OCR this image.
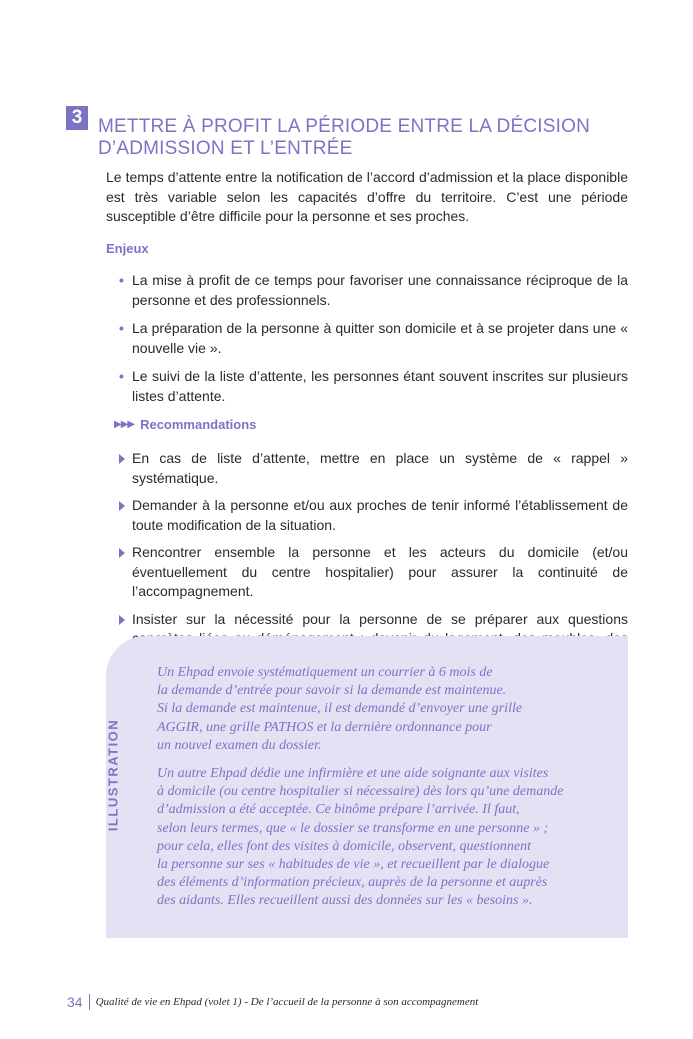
3 METTRE À PROFIT LA PÉRIODE ENTRE LA DÉCISION
D’ADMISSION ET L’ENTRÉE
Le temps d’attente entre la notification de l’accord d’admission et la place disponible est très variable selon les capacités d’offre du territoire. C’est une période susceptible d’être difficile pour la personne et ses proches.
Enjeux
• La mise à profit de ce temps pour favoriser une connaissance réciproque de la personne et des professionnels.
• La préparation de la personne à quitter son domicile et à se projeter dans une « nouvelle vie ».
• Le suivi de la liste d’attente, les personnes étant souvent inscrites sur plusieurs listes d’attente.
▶▶▶ Recommandations
En cas de liste d’attente, mettre en place un système de « rappel » systématique.
Demander à la personne et/ou aux proches de tenir informé l’établissement de toute modification de la situation.
Rencontrer ensemble la personne et les acteurs du domicile (et/ou éventuellement du centre hospitalier) pour assurer la continuité de l’accompagnement.
Insister sur la nécessité pour la personne de se préparer aux questions
ILLUSTRATION

Un Ehpad envoie systématiquement un courrier à 6 mois de
la demande d’entrée pour savoir si la demande est maintenue.
Si la demande est maintenue, il est demandé d’envoyer une grille
AGGIR, une grille PATHOS et la dernière ordonnance pour
un nouvel examen du dossier.

Un autre Ehpad dédie une infirmière et une aide soignante aux visites
à domicile (ou centre hospitalier si nécessaire) dès lors qu’une demande
d’admission a été acceptée. Ce binôme prépare l’arrivée. Il faut,
selon leurs termes, que « le dossier se transforme en une personne » ;
pour cela, elles font des visites à domicile, observent, questionnent
la personne sur ses « habitudes de vie », et recueillent par le dialogue
des éléments d’information précieux, auprès de la personne et auprès
des aidants. Elles recueillent aussi des données sur les « besoins ».

34 Qualité de vie en Ehpad (volet 1) - De l’accueil de la personne à son accompagnement
